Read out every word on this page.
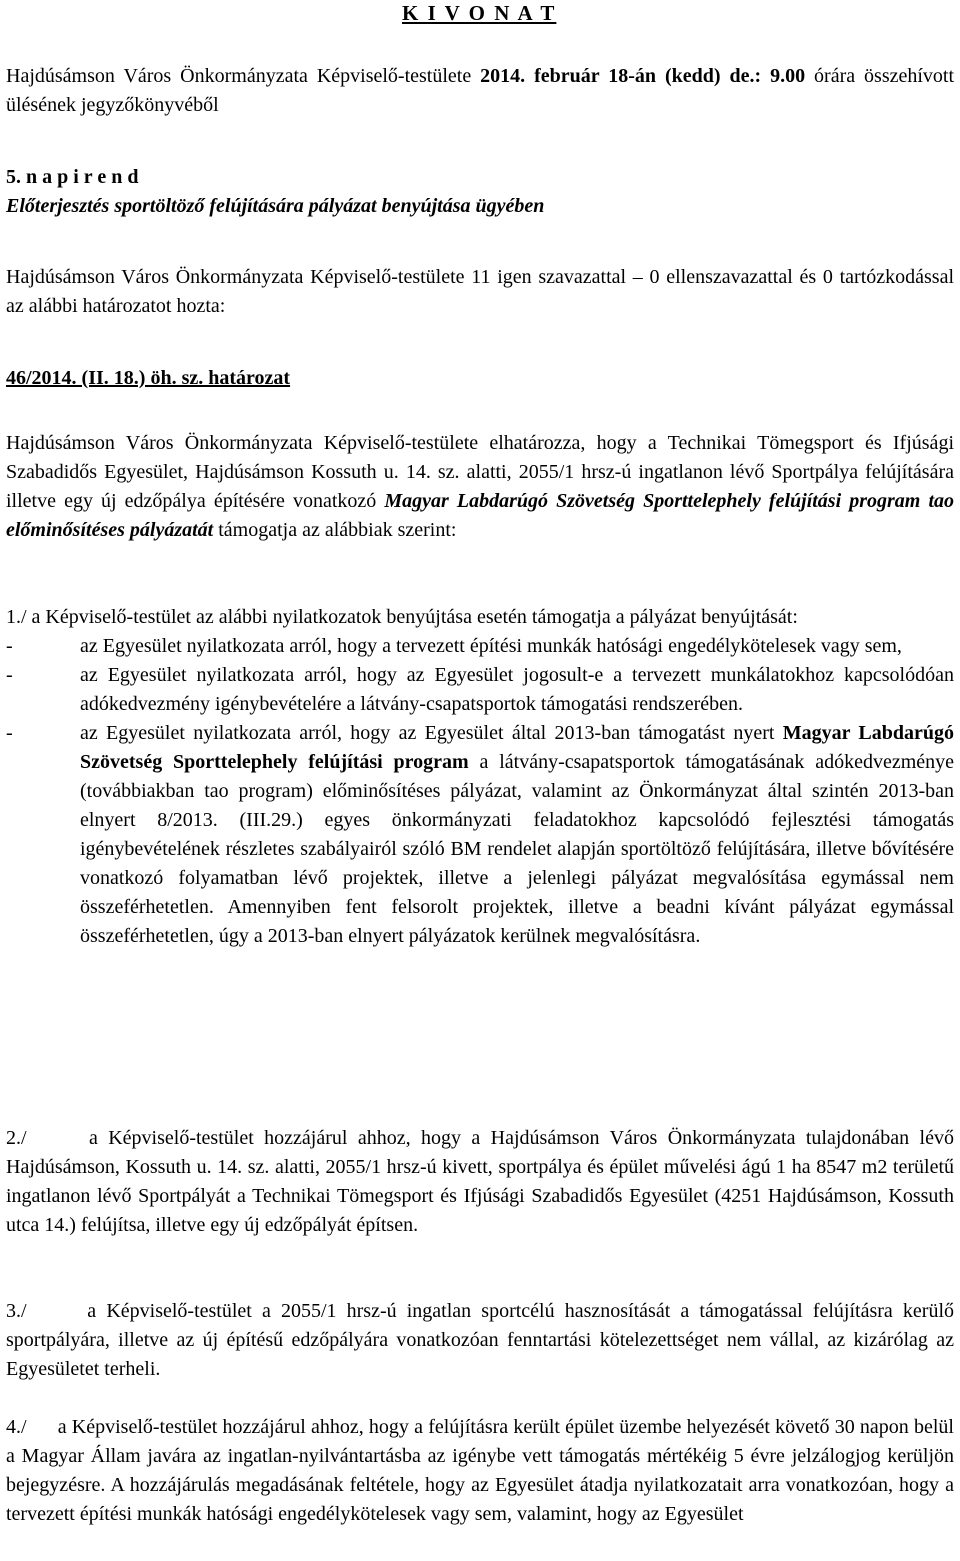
K I V O N A T

Hajdúsámson Város Önkormányzata Képviselő-testülete 2014. február 18-án (kedd) de.: 9.00 órára összehívott ülésének jegyzőkönyvéből

5. n a p i r e n d

Előterjesztés sportöltöző felújítására pályázat benyújtása ügyében

Hajdúsámson Város Önkormányzata Képviselő-testülete 11 igen szavazattal – 0 ellenszavazattal és 0 tartózkodással az alábbi határozatot hozta:

46/2014. (II. 18.) öh. sz. határozat

Hajdúsámson Város Önkormányzata Képviselő-testülete elhatározza, hogy a Technikai Tömegsport és Ifjúsági Szabadidős Egyesület, Hajdúsámson Kossuth u. 14. sz. alatti, 2055/1 hrsz-ú ingatlanon lévő Sportpálya felújítására illetve egy új edzőpálya építésére vonatkozó Magyar Labdarúgó Szövetség Sporttelephely felújítási program tao előminősítéses pályázatát támogatja az alábbiak szerint:

1./ a Képviselő-testület az alábbi nyilatkozatok benyújtása esetén támogatja a pályázat benyújtását:

-	az Egyesület nyilatkozata arról, hogy a tervezett építési munkák hatósági engedélykötelesek vagy sem,
-	az Egyesület nyilatkozata arról, hogy az Egyesület jogosult-e a tervezett munkálatokhoz kapcsolódóan adókedvezmény igénybevételére a látvány-csapatsportok támogatási rendszerében.
-	az Egyesület nyilatkozata arról, hogy az Egyesület által 2013-ban támogatást nyert Magyar Labdarúgó Szövetség Sporttelephely felújítási program a látvány-csapatsportok támogatásának adókedvezménye (továbbiakban tao program) előminősítéses pályázat, valamint az Önkormányzat által szintén 2013-ban elnyert 8/2013. (III.29.) egyes önkormányzati feladatokhoz kapcsolódó fejlesztési támogatás igénybevételének részletes szabályairól szóló BM rendelet alapján sportöltöző felújítására, illetve bővítésére vonatkozó folyamatban lévő projektek, illetve a jelenlegi pályázat megvalósítása egymással nem összeférhetetlen. Amennyiben fent felsorolt projektek, illetve a beadni kívánt pályázat egymással összeférhetetlen, úgy a 2013-ban elnyert pályázatok kerülnek megvalósításra.

2./      a Képviselő-testület hozzájárul ahhoz, hogy a Hajdúsámson Város Önkormányzata tulajdonában lévő Hajdúsámson, Kossuth u. 14. sz. alatti, 2055/1 hrsz-ú kivett, sportpálya és épület művelési ágú 1 ha 8547 m2 területű ingatlanon lévő Sportpályát a Technikai Tömegsport és Ifjúsági Szabadidős Egyesület (4251 Hajdúsámson, Kossuth utca 14.) felújítsa, illetve egy új edzőpályát építsen.

3./      a Képviselő-testület a 2055/1 hrsz-ú ingatlan sportcélú hasznosítását a támogatással felújításra kerülő sportpályára, illetve az új építésű edzőpályára vonatkozóan fenntartási kötelezettséget nem vállal, az kizárólag az Egyesületet terheli.

4./      a Képviselő-testület hozzájárul ahhoz, hogy a felújításra került épület üzembe helyezését követő 30 napon belül a Magyar Állam javára az ingatlan-nyilvántartásba az igénybe vett támogatás mértékéig 5 évre jelzálogjog kerüljön bejegyzésre. A hozzájárulás megadásának feltétele, hogy az Egyesület átadja nyilatkozatait arra vonatkozóan, hogy a tervezett építési munkák hatósági engedélykötelesek vagy sem, valamint, hogy az Egyesület
